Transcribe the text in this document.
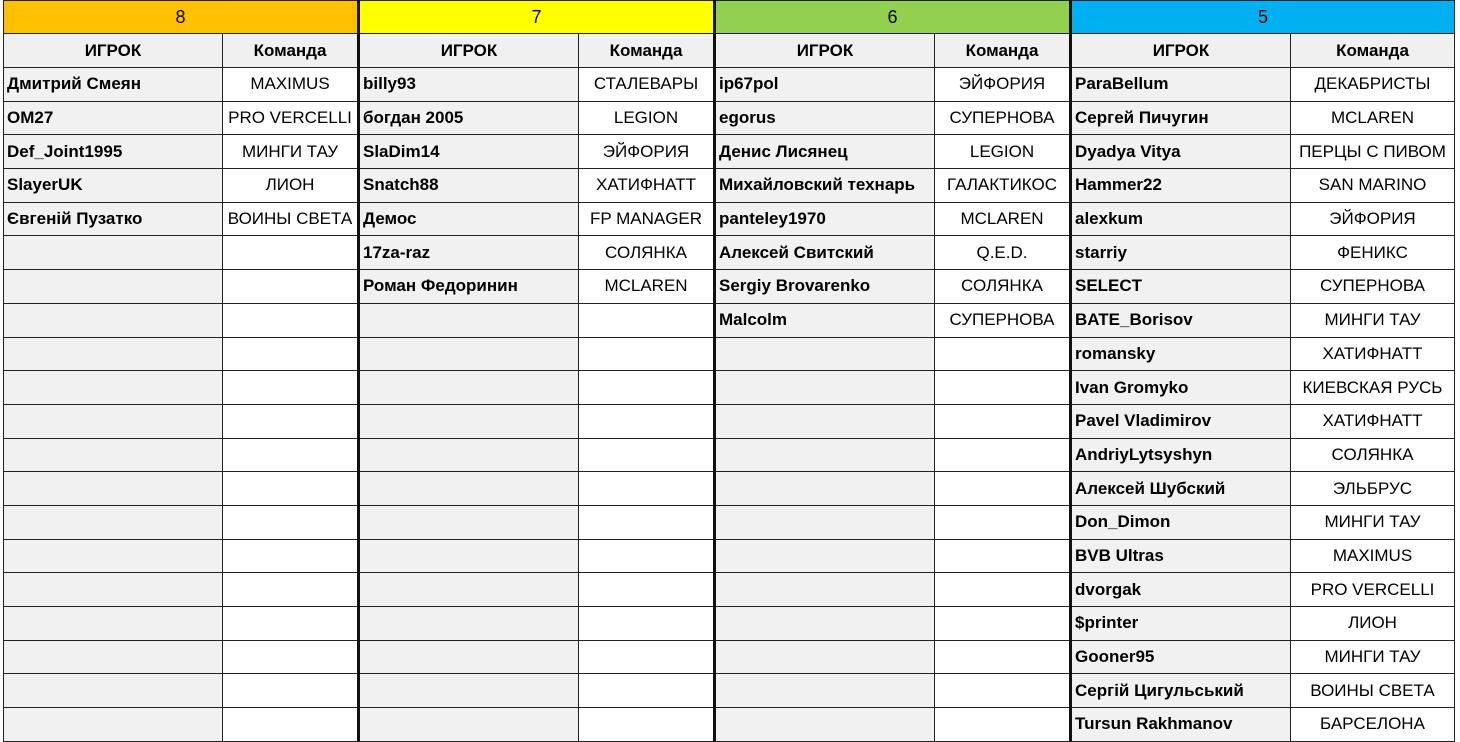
8		7		6		5	
ИГРОК	Команда	ИГРОК	Команда	ИГРОК	Команда	ИГРОК	Команда
Дмитрий Смеян	MAXIMUS	billy93	СТАЛЕВАРЫ	ip67pol	ЭЙФОРИЯ	ParaBellum	ДЕКАБРИСТЫ
OM27	PRO VERCELLI	богдан 2005	LEGION	egorus	СУПЕРНОВА	Сергей Пичугин	MCLAREN
Def_Joint1995	МИНГИ ТАУ	SlaDim14	ЭЙФОРИЯ	Денис Лисянец	LEGION	Dyadya Vitya	ПЕРЦЫ С ПИВОМ
SlayerUK	ЛИОН	Snatch88	ХАТИФНАТТ	Михайловский технарь	ГАЛАКТИКОС	Hammer22	SAN MARINO
Євгеній Пузатко	ВОИНЫ СВЕТА	Демос	FP MANAGER	panteley1970	MCLAREN	alexkum	ЭЙФОРИЯ
		17za-raz	СОЛЯНКА	Алексей Свитский	Q.E.D.	starriy	ФЕНИКС
		Роман Федоринин	MCLAREN	Sergiy Brovarenko	СОЛЯНКА	SELECT	СУПЕРНОВА
				Malcolm	СУПЕРНОВА	BATE_Borisov	МИНГИ ТАУ
						romansky	ХАТИФНАТТ
						Ivan Gromyko	КИЕВСКАЯ РУСЬ
						Pavel Vladimirov	ХАТИФНАТТ
						AndriyLytsyshyn	СОЛЯНКА
						Алексей Шубский	ЭЛЬБРУС
						Don_Dimon	МИНГИ ТАУ
						BVB Ultras	MAXIMUS
						dvorgak	PRO VERCELLI
						$printer	ЛИОН
						Gooner95	МИНГИ ТАУ
						Сергій Цигульський	ВОИНЫ СВЕТА
						Tursun Rakhmanov	БАРСЕЛОНА
